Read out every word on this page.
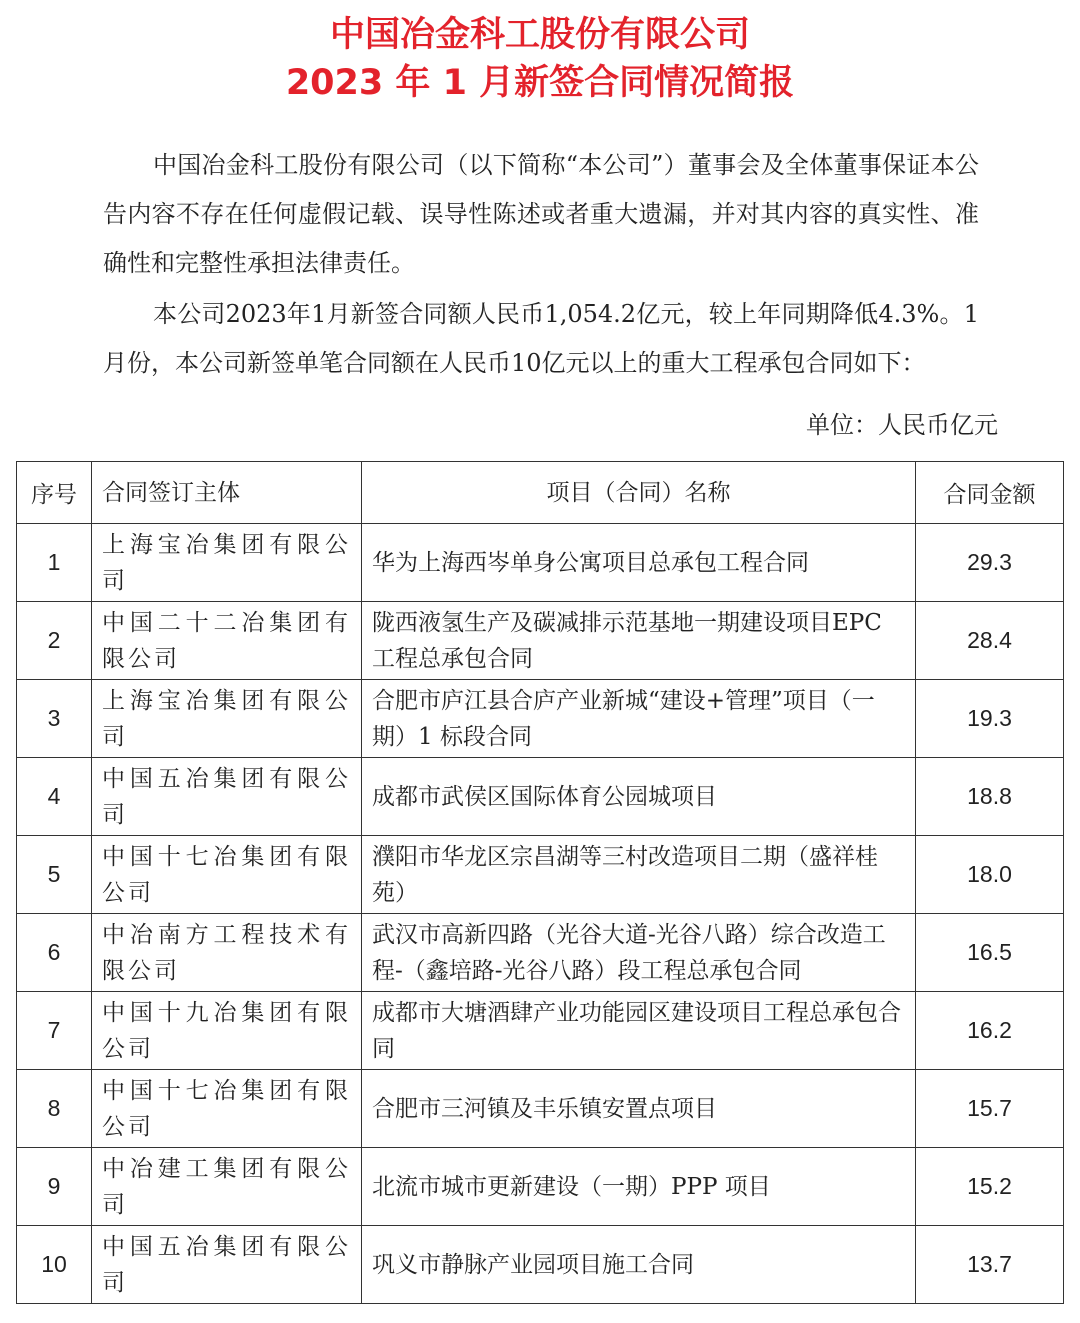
中国冶金科工股份有限公司
2023 年 1 月新签合同情况简报
中国冶金科工股份有限公司（以下简称“本公司”）董事会及全体董事保证本公告内容不存在任何虚假记载、误导性陈述或者重大遗漏，并对其内容的真实性、准确性和完整性承担法律责任。
本公司2023年1月新签合同额人民币1,054.2亿元，较上年同期降低4.3%。1月份，本公司新签单笔合同额在人民币10亿元以上的重大工程承包合同如下：
单位：人民币亿元
序号	合同签订主体	项目（合同）名称	合同金额
1	上海宝冶集团有限公司	华为上海西岑单身公寓项目总承包工程合同	29.3
2	中国二十二冶集团有限公司	陇西液氢生产及碳减排示范基地一期建设项目EPC 工程总承包合同	28.4
3	上海宝冶集团有限公司	合肥市庐江县合庐产业新城“建设+管理”项目（一期）1 标段合同	19.3
4	中国五冶集团有限公司	成都市武侯区国际体育公园城项目	18.8
5	中国十七冶集团有限公司	濮阳市华龙区宗昌湖等三村改造项目二期（盛祥桂苑）	18.0
6	中冶南方工程技术有限公司	武汉市高新四路（光谷大道-光谷八路）综合改造工程-（鑫培路-光谷八路）段工程总承包合同	16.5
7	中国十九冶集团有限公司	成都市大塘酒肆产业功能园区建设项目工程总承包合同	16.2
8	中国十七冶集团有限公司	合肥市三河镇及丰乐镇安置点项目	15.7
9	中冶建工集团有限公司	北流市城市更新建设（一期）PPP 项目	15.2
10	中国五冶集团有限公司	巩义市静脉产业园项目施工合同	13.7
